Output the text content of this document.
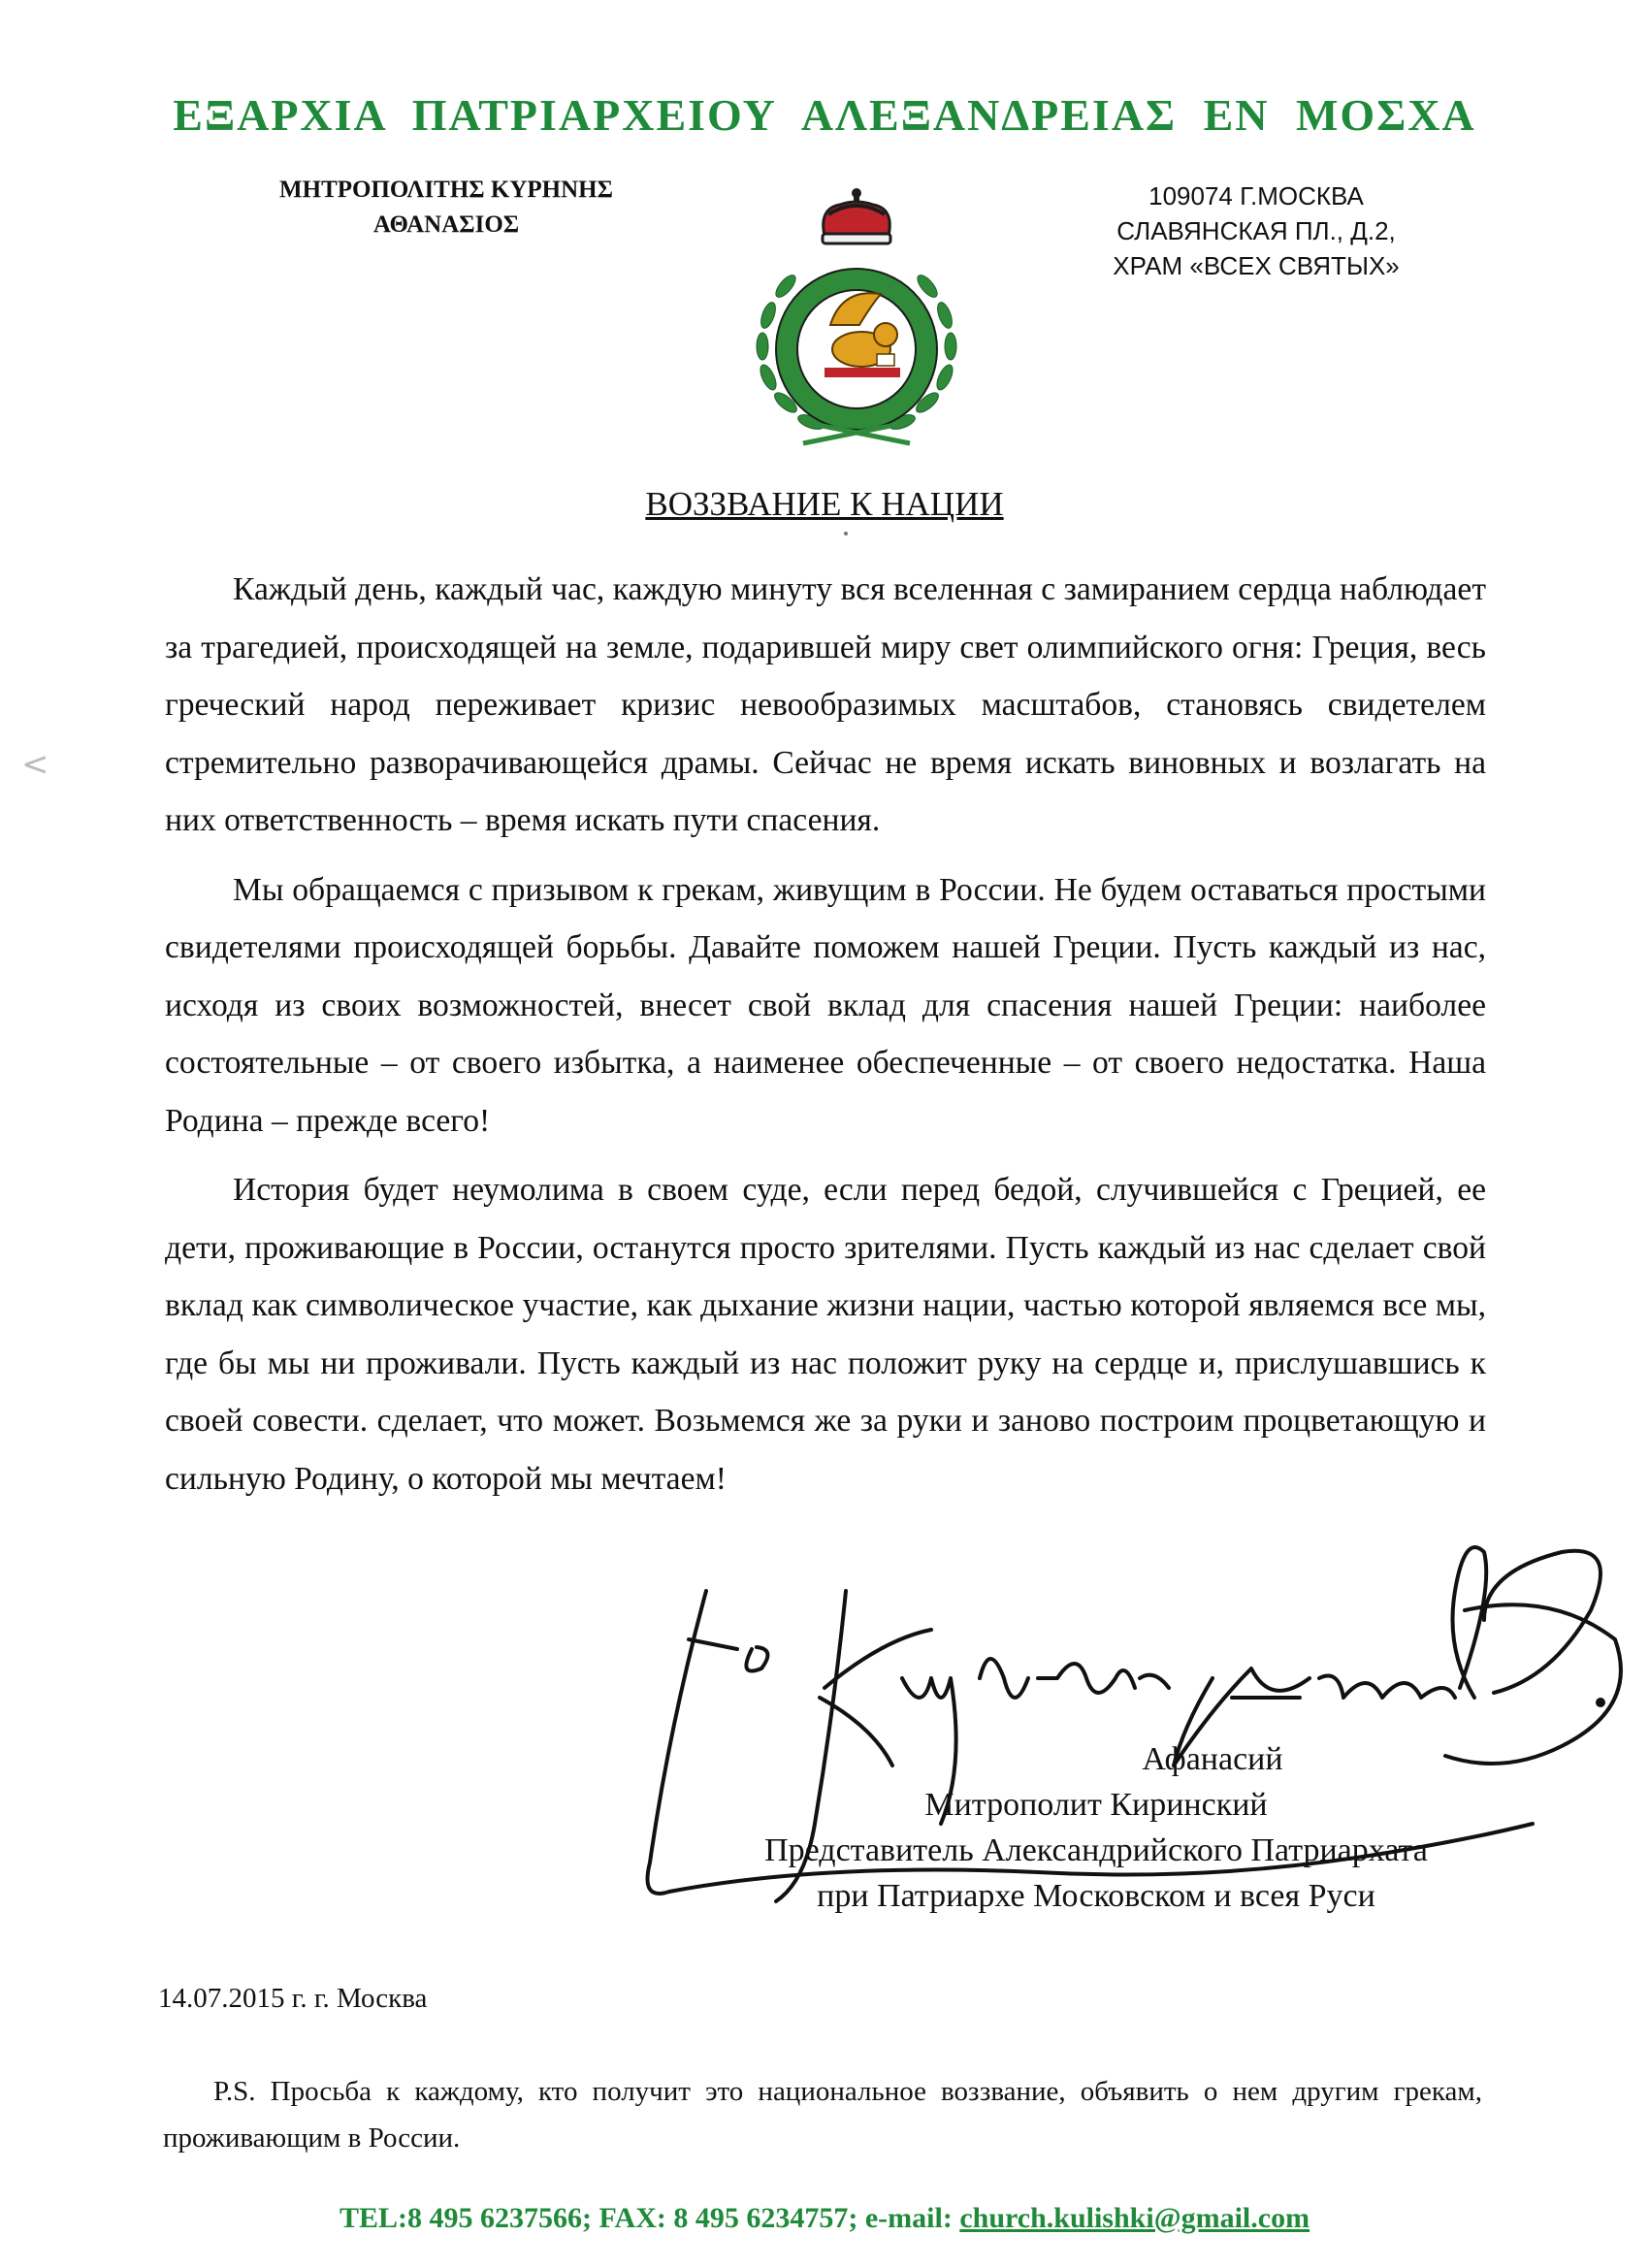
ΕΞΑΡΧΙΑ ΠΑΤΡΙΑΡΧΕΙΟΥ ΑΛΕΞΑΝΔΡΕΙΑΣ ΕΝ ΜΟΣΧΑ
ΜΗΤΡΟΠΟΛΙΤΗΣ ΚΥΡΗΝΗΣ
ΑΘΑΝΑΣΙΟΣ
109074 Г.МОСКВА
СЛАВЯНСКАЯ ПЛ., Д.2,
ХРАМ «ВСЕХ СВЯТЫХ»
ВОЗЗВАНИЕ К НАЦИИ

Каждый день, каждый час, каждую минуту вся вселенная с замиранием сердца наблюдает за трагедией, происходящей на земле, подарившей миру свет олимпийского огня: Греция, весь греческий народ переживает кризис невообразимых масштабов, становясь свидетелем стремительно разворачивающейся драмы. Сейчас не время искать виновных и возлагать на них ответственность – время искать пути спасения.

Мы обращаемся с призывом к грекам, живущим в России. Не будем оставаться простыми свидетелями происходящей борьбы. Давайте поможем нашей Греции. Пусть каждый из нас, исходя из своих возможностей, внесет свой вклад для спасения нашей Греции: наиболее состоятельные – от своего избытка, а наименее обеспеченные – от своего недостатка. Наша Родина – прежде всего!

История будет неумолима в своем суде, если перед бедой, случившейся с Грецией, ее дети, проживающие в России, останутся просто зрителями. Пусть каждый из нас сделает свой вклад как символическое участие, как дыхание жизни нации, частью которой являемся все мы, где бы мы ни проживали. Пусть каждый из нас положит руку на сердце и, прислушавшись к своей совести. сделает, что может. Возьмемся же за руки и заново построим процветающую и сильную Родину, о которой мы мечтаем!

Афанасий
Митрополит Киринский
Представитель Александрийского Патриархата
при Патриархе Московском и всея Руси
14.07.2015 г. г. Москва
P.S. Просьба к каждому, кто получит это национальное воззвание, объявить о нем другим грекам, проживающим в России.
TEL:8 495 6237566; FAX: 8 495 6234757; e-mail: church.kulishki@gmail.com
<
